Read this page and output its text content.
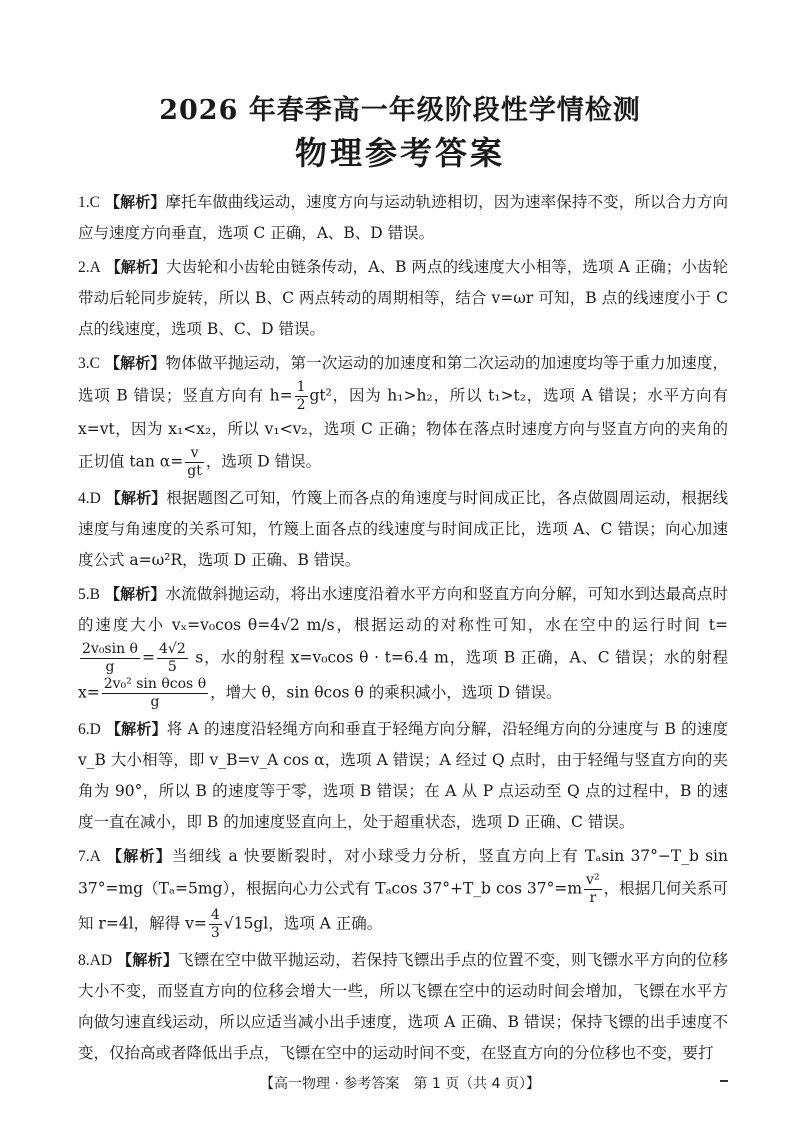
2026 年春季高一年级阶段性学情检测
物理参考答案
1.C 【解析】摩托车做曲线运动，速度方向与运动轨迹相切，因为速率保持不变，所以合力方向应与速度方向垂直，选项 C 正确，A、B、D 错误。
2.A 【解析】大齿轮和小齿轮由链条传动，A、B 两点的线速度大小相等，选项 A 正确；小齿轮带动后轮同步旋转，所以 B、C 两点转动的周期相等，结合 v=ωr 可知，B 点的线速度小于 C 点的线速度，选项 B、C、D 错误。
3.C 【解析】物体做平抛运动，第一次运动的加速度和第二次运动的加速度均等于重力加速度，选项 B 错误；竖直方向有 $h= \frac{1}{2} gt^2$，因为 h₁>h₂，所以 t₁>t₂，选项 A 错误；水平方向有 x=vt，因为 x₁<x₂，所以 v₁<v₂，选项 C 正确；物体在落点时速度方向与竖直方向的夹角的正切值 $\tan \alpha= \frac{v}{gt}$ ，选项 D 错误。
4.D 【解析】根据题图乙可知，竹篾上而各点的角速度与时间成正比，各点做圆周运动，根据线速度与角速度的关系可知，竹篾上面各点的线速度与时间成正比，选项 A、C 错误；向心加速度公式 a=ω²R，选项 D 正确、B 错误。
5.B 【解析】水流做斜抛运动，将出水速度沿着水平方向和竖直方向分解，可知水到达最高点时的速度大小 vₓ=v₀cos θ=4√2 m/s，根据运动的对称性可知，水在空中的运行时间 t=
$\frac{\text{2v₀sin θ}}{g} = \frac{4√2}{5}$ s，水的射程 x=v₀cos θ · t=6.4 m，选项 B 正确，A、C 错误；水的射程 $x= \frac{\text{2v₀² sin θcos θ}}{g}$ ，增大 θ，sin θcos θ 的乘积减小，选项 D 错误。
6.D 【解析】将 A 的速度沿轻绳方向和垂直于轻绳方向分解，沿轻绳方向的分速度与 B 的速度 v_B 大小相等，即 v_B=v_A cos α，选项 A 错误；A 经过 Q 点时，由于轻绳与竖直方向的夹角为 90°，所以 B 的速度等于零，选项 B 错误；在 A 从 P 点运动至 Q 点的过程中，B 的速度一直在减小，即 B 的加速度竖直向上，处于超重状态，选项 D 正确、C 错误。
7.A 【解析】当细线 a 快要断裂时，对小球受力分析，竖直方向上有 Tₐsin 37°−T_b sin 37°=mg（Tₐ=5mg），根据向心力公式有 Tₐcos 37°+T_b $\cos 37^\circ=m \frac{\text{v²}}{r}$ ，根据几何关系可知 r=4l，解得 $v= \frac{4}{3} √15gl$，选项 A 正确。
8.AD 【解析】飞镖在空中做平抛运动，若保持飞镖出手点的位置不变，则飞镖水平方向的位移大小不变，而竖直方向的位移会增大一些，所以飞镖在空中的运动时间会增加，飞镖在水平方向做匀速直线运动，所以应适当减小出手速度，选项 A 正确、B 错误；保持飞镖的出手速度不变，仅抬高或者降低出手点，飞镖在空中的运动时间不变，在竖直方向的分位移也不变，要打
【高一物理 · 参考答案　第 1 页（共 4 页）】
